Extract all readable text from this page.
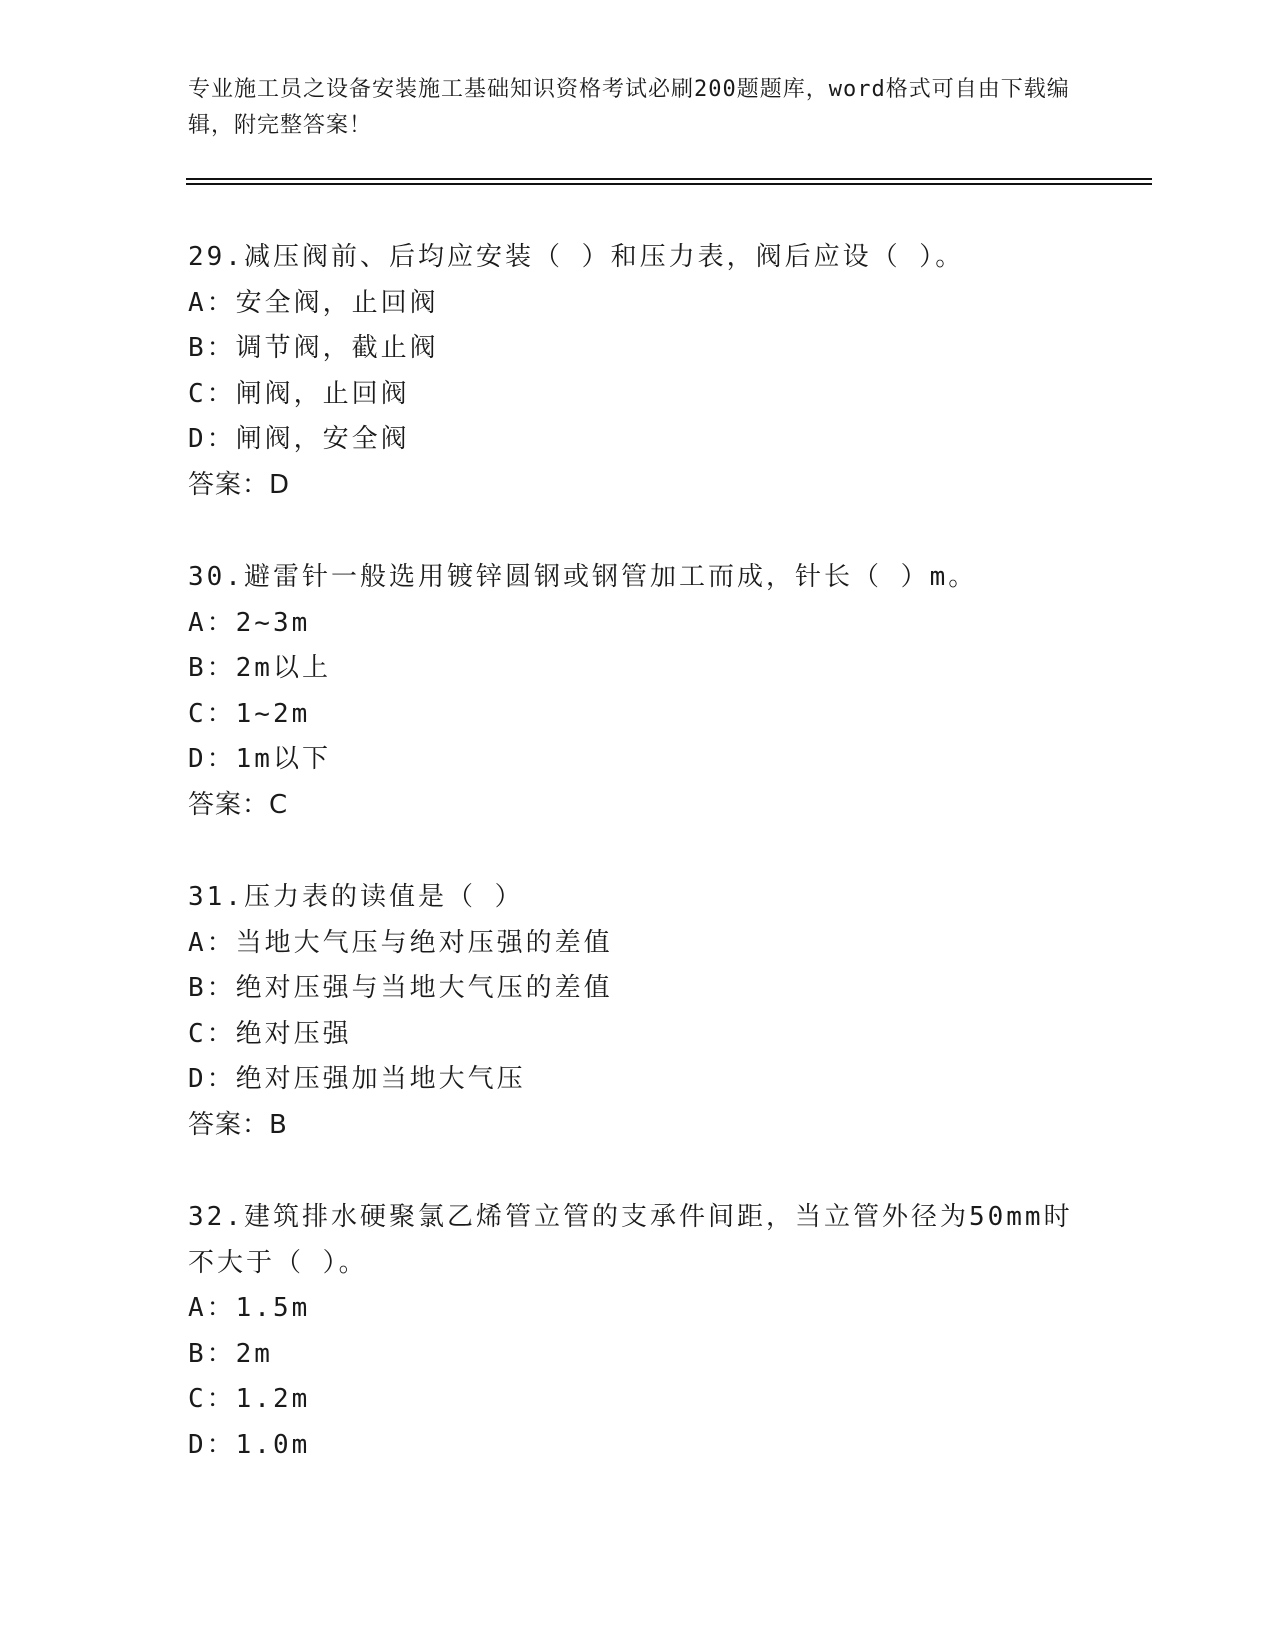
专业施工员之设备安装施工基础知识资格考试必刷200题题库，word格式可自由下载编辑，附完整答案！
29.减压阀前、后均应安装（ ）和压力表，阀后应设（ ）。
A：安全阀，止回阀
B：调节阀，截止阀
C：闸阀，止回阀
D：闸阀，安全阀
答案：D
30.避雷针一般选用镀锌圆钢或钢管加工而成，针长（ ）m。
A：2~3m
B：2m以上
C：1~2m
D：1m以下
答案：C
31.压力表的读值是（ ）
A：当地大气压与绝对压强的差值
B：绝对压强与当地大气压的差值
C：绝对压强
D：绝对压强加当地大气压
答案：B
32.建筑排水硬聚氯乙烯管立管的支承件间距，当立管外径为50mm时不大于（ ）。
A：1.5m
B：2m
C：1.2m
D：1.0m
